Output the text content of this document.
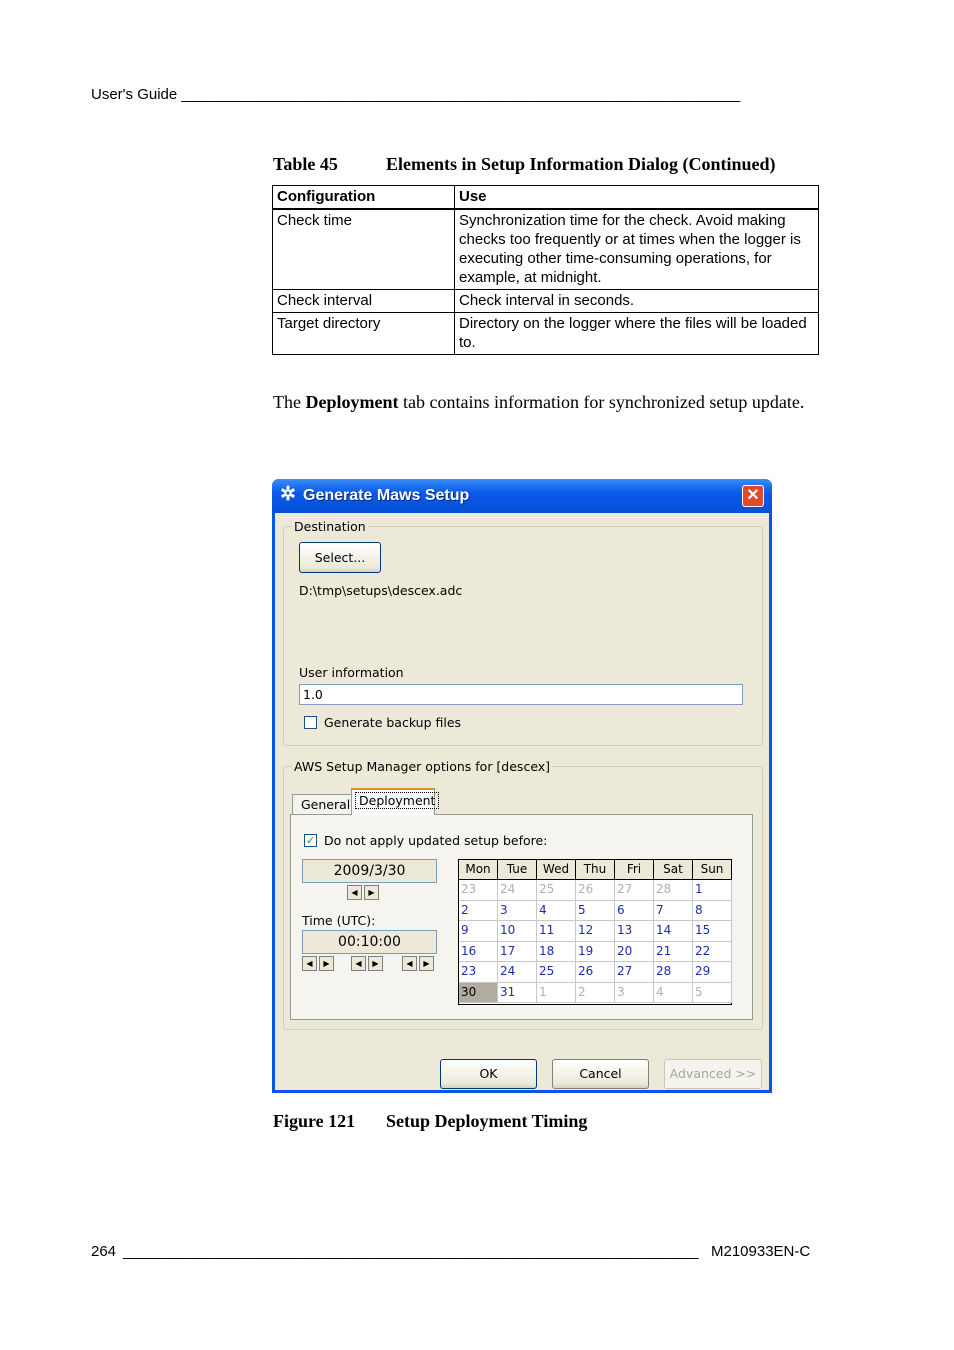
User's Guide ___________________________________________________________________
Table 45	Elements in Setup Information Dialog (Continued)
Configuration	Use
Check time	Synchronization time for the check. Avoid making checks too frequently or at times when the logger is executing other time-consuming operations, for example, at midnight.
Check interval	Check interval in seconds.
Target directory	Directory on the logger where the files will be loaded to.
The Deployment tab contains information for synchronized setup update.
✲ Generate Maws Setup	✕
Destination
Select...
D:\tmp\setups\descex.adc
User information
1.0
Generate backup files
AWS Setup Manager options for [descex]
General Deployment
✓ Do not apply updated setup before:
2009/3/30
◀	▶
Time (UTC):
00:10:00
◀	▶	◀	▶	◀	▶
Mon	Tue	Wed	Thu	Fri	Sat	Sun
23	24	25	26	27	28	1
2	3	4	5	6	7	8
9	10	11	12	13	14	15
16	17	18	19	20	21	22
23	24	25	26	27	28	29
30	31	1	2	3	4	5
OK	Cancel	Advanced >>
Figure 121 Setup Deployment Timing
264 _____________________________________________________________________ M210933EN-C
